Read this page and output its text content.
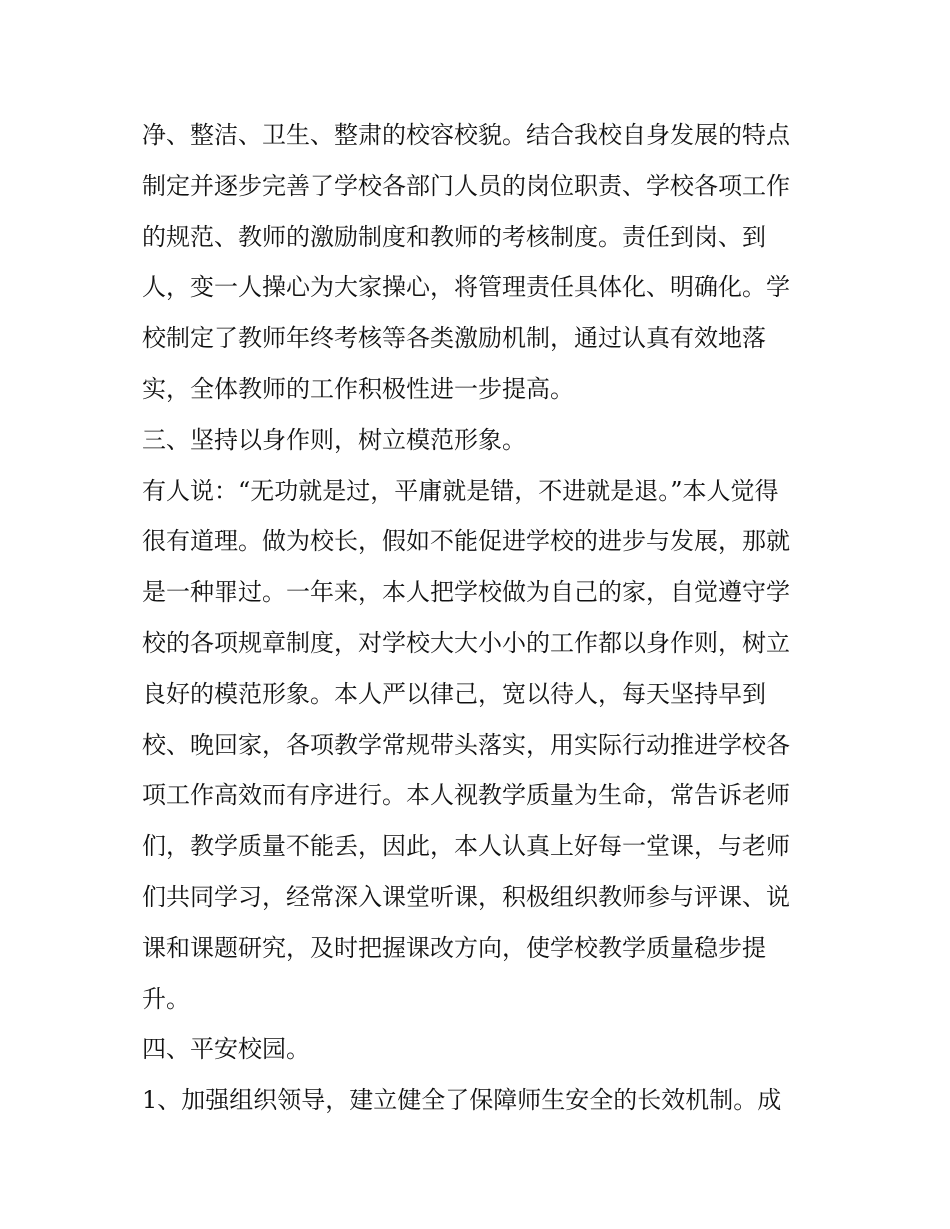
净、整洁、卫生、整肃的校容校貌。结合我校自身发展的特点
制定并逐步完善了学校各部门人员的岗位职责、学校各项工作
的规范、教师的激励制度和教师的考核制度。责任到岗、到
人，变一人操心为大家操心，将管理责任具体化、明确化。学
校制定了教师年终考核等各类激励机制，通过认真有效地落
实，全体教师的工作积极性进一步提高。
三、坚持以身作则，树立模范形象。
有人说：“无功就是过，平庸就是错，不进就是退。”本人觉得
很有道理。做为校长，假如不能促进学校的进步与发展，那就
是一种罪过。一年来，本人把学校做为自己的家，自觉遵守学
校的各项规章制度，对学校大大小小的工作都以身作则，树立
良好的模范形象。本人严以律己，宽以待人，每天坚持早到
校、晚回家，各项教学常规带头落实，用实际行动推进学校各
项工作高效而有序进行。本人视教学质量为生命，常告诉老师
们，教学质量不能丢，因此，本人认真上好每一堂课，与老师
们共同学习，经常深入课堂听课，积极组织教师参与评课、说
课和课题研究，及时把握课改方向，使学校教学质量稳步提
升。
四、平安校园。
1、加强组织领导，建立健全了保障师生安全的长效机制。成
